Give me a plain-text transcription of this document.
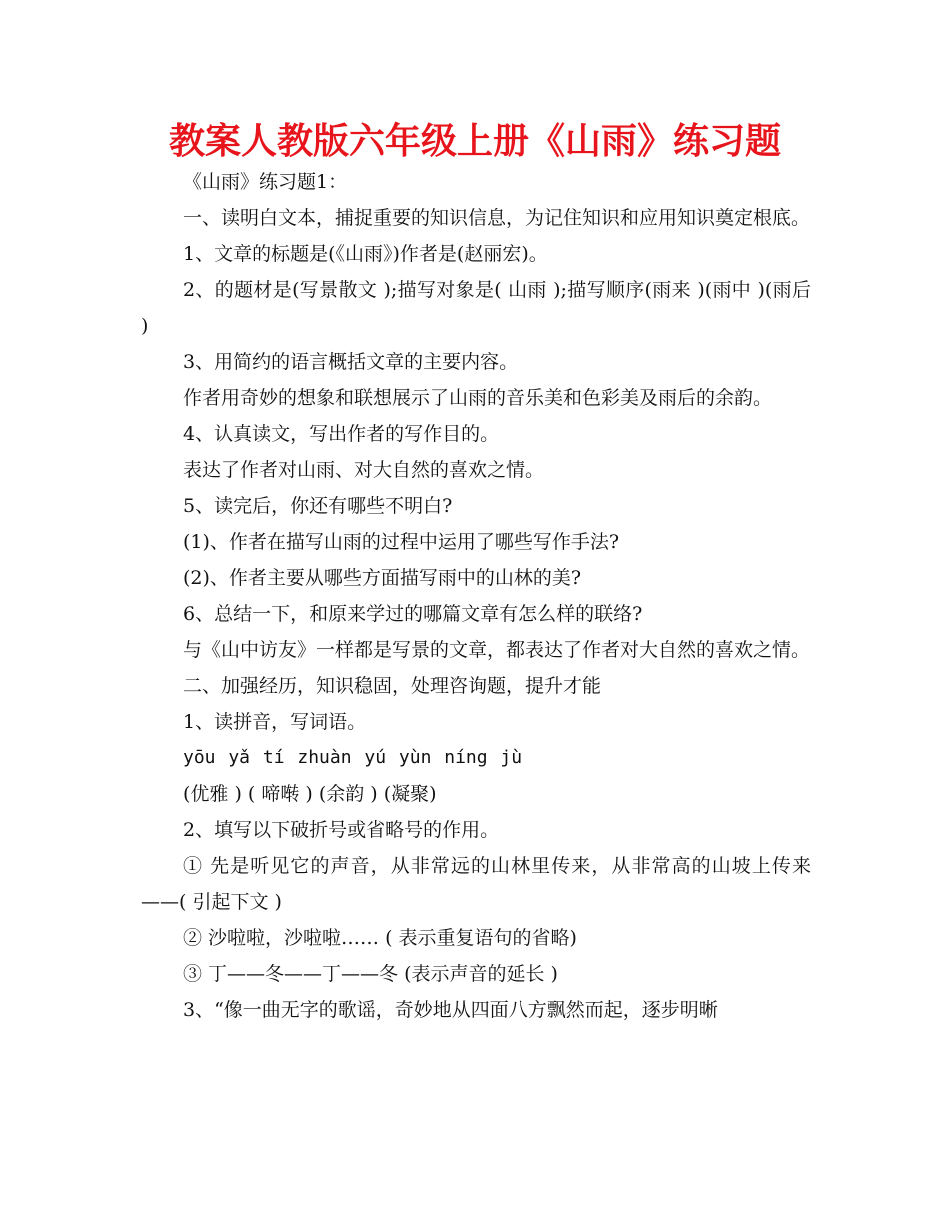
教案人教版六年级上册《山雨》练习题

《山雨》练习题1：

一、读明白文本，捕捉重要的知识信息，为记住知识和应用知识奠定根底。

1、文章的标题是(《山雨》)作者是(赵丽宏)。

2、的题材是(写景散文 );描写对象是( 山雨 );描写顺序(雨来 )(雨中 )(雨后 )

3、用简约的语言概括文章的主要内容。

作者用奇妙的想象和联想展示了山雨的音乐美和色彩美及雨后的余韵。

4、认真读文，写出作者的写作目的。

表达了作者对山雨、对大自然的喜欢之情。

5、读完后，你还有哪些不明白?

(1)、作者在描写山雨的过程中运用了哪些写作手法?

(2)、作者主要从哪些方面描写雨中的山林的美?

6、总结一下，和原来学过的哪篇文章有怎么样的联络?

与《山中访友》一样都是写景的文章，都表达了作者对大自然的喜欢之情。

二、加强经历，知识稳固，处理咨询题，提升才能

1、读拼音，写词语。

yōu yǎ tí zhuàn yú yùn níng jù

(优雅 ) ( 啼啭 ) (余韵 ) (凝聚)

2、填写以下破折号或省略号的作用。

① 先是听见它的声音，从非常远的山林里传来，从非常高的山坡上传来——( 引起下文 )

② 沙啦啦，沙啦啦…… ( 表示重复语句的省略)

③ 丁——冬——丁——冬 (表示声音的延长 )

3、“像一曲无字的歌谣，奇妙地从四面八方飘然而起，逐步明晰
